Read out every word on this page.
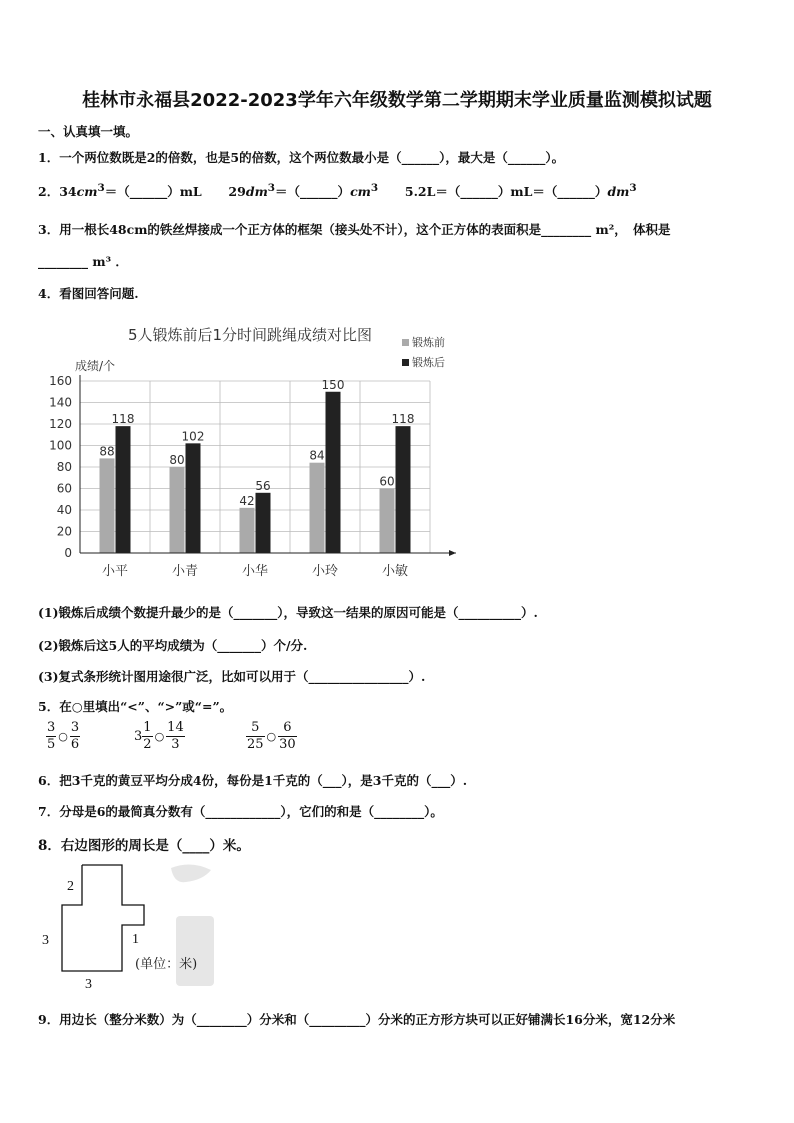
桂林市永福县2022-2023学年六年级数学第二学期期末学业质量监测模拟试题
一、认真填一填。
1．一个两位数既是2的倍数，也是5的倍数，这个两位数最小是（______），最大是（______）。
2．$34cm^3=(\_\_\_\_\_\_)mL$ $29dm^3=(\_\_\_\_\_\_)cm^3$ $5.2L=(\_\_\_\_\_\_)mL=(\_\_\_\_\_\_)dm^3$
3．用一根长48cm的铁丝焊接成一个正方体的框架（接头处不计），这个正方体的表面积是________ m²，　体积是
________ m³ ．
4．看图回答问题.
5人锻炼前后1分时间跳绳成绩对比图
成绩/个
锻炼前
锻炼后
88
118
80
102
42
56
84
150
60
118
0
20
40
60
80
100
120
140
160
小平	小青	小华	小玲	小敏
(1)锻炼后成绩个数提升最少的是（_______），导致这一结果的原因可能是（__________）.
(2)锻炼后这5人的平均成绩为（_______）个/分.
(3)复式条形统计图用途很广泛，比如可以用于（________________）.
5．在○里填出“<”、“>”或“=”。
$\frac{3}{5}$ ○ $\frac{3}{6}$	$3 \frac{1}{2}$ ○ $\frac{14}{3}$	$\frac{5}{25}$ ○ $\frac{6}{30}$
6．把3千克的黄豆平均分成4份，每份是1千克的（___），是3千克的（___）.
7．分母是6的最简真分数有（____________），它们的和是（________）。
8．右边图形的周长是（____）米。
2
1
3
3
(单位：米)
9．用边长（整分米数）为（________）分米和（_________）分米的正方形方块可以正好铺满长16分米，宽12分米
